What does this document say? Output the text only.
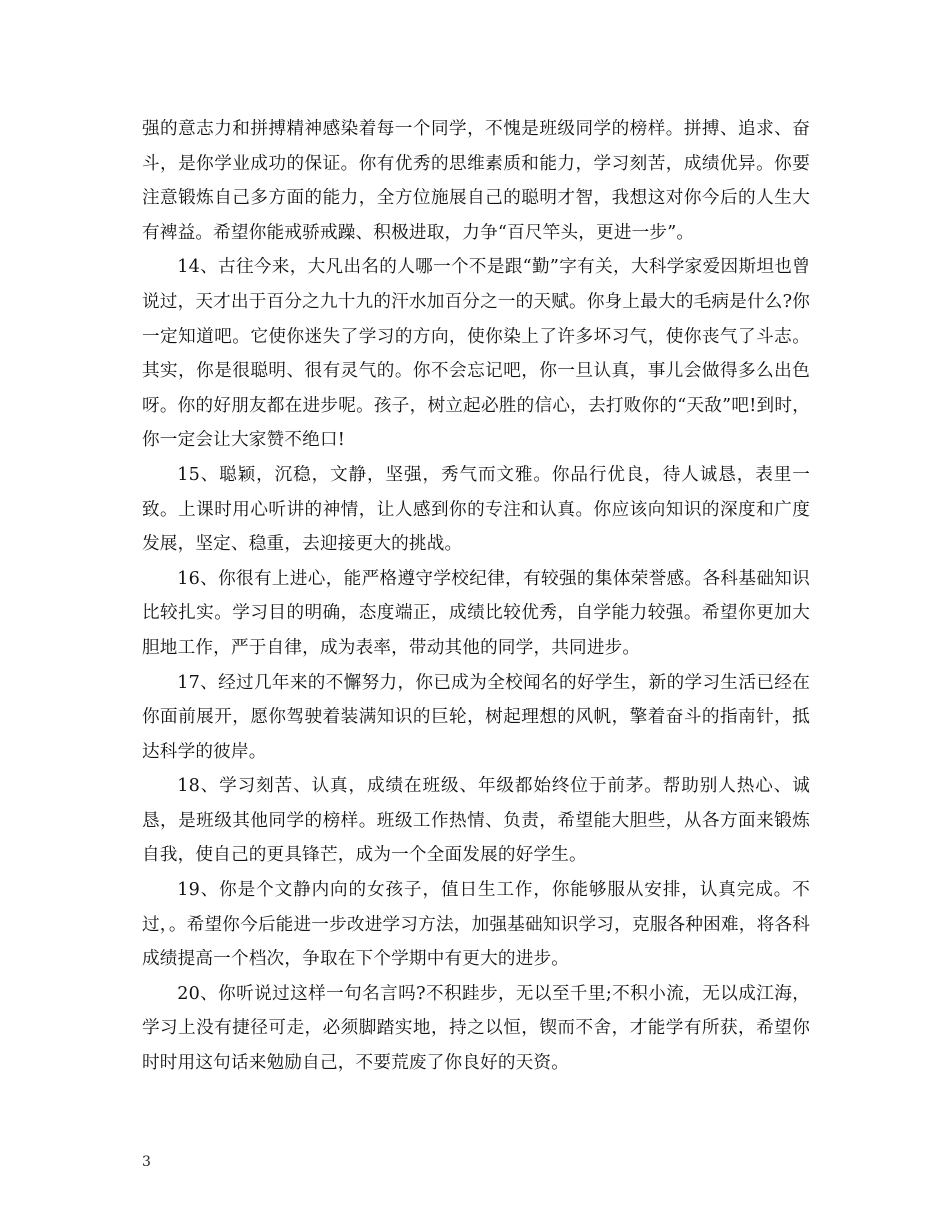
强的意志力和拼搏精神感染着每一个同学，不愧是班级同学的榜样。拼搏、追求、奋斗，是你学业成功的保证。你有优秀的思维素质和能力，学习刻苦，成绩优异。你要注意锻炼自己多方面的能力，全方位施展自己的聪明才智，我想这对你今后的人生大有裨益。希望你能戒骄戒躁、积极进取，力争“百尺竿头，更进一步”。

14、古往今来，大凡出名的人哪一个不是跟“勤”字有关，大科学家爱因斯坦也曾说过，天才出于百分之九十九的汗水加百分之一的天赋。你身上最大的毛病是什么?你一定知道吧。它使你迷失了学习的方向，使你染上了许多坏习气，使你丧气了斗志。其实，你是很聪明、很有灵气的。你不会忘记吧，你一旦认真，事儿会做得多么出色呀。你的好朋友都在进步呢。孩子，树立起必胜的信心，去打败你的“天敌”吧!到时，你一定会让大家赞不绝口!

15、聪颖，沉稳，文静，坚强，秀气而文雅。你品行优良，待人诚恳，表里一致。上课时用心听讲的神情，让人感到你的专注和认真。你应该向知识的深度和广度发展，坚定、稳重，去迎接更大的挑战。

16、你很有上进心，能严格遵守学校纪律，有较强的集体荣誉感。各科基础知识比较扎实。学习目的明确，态度端正，成绩比较优秀，自学能力较强。希望你更加大胆地工作，严于自律，成为表率，带动其他的同学，共同进步。

17、经过几年来的不懈努力，你已成为全校闻名的好学生，新的学习生活已经在你面前展开，愿你驾驶着装满知识的巨轮，树起理想的风帆，擎着奋斗的指南针，抵达科学的彼岸。

18、学习刻苦、认真，成绩在班级、年级都始终位于前茅。帮助别人热心、诚恳，是班级其他同学的榜样。班级工作热情、负责，希望能大胆些，从各方面来锻炼自我，使自己的更具锋芒，成为一个全面发展的好学生。

19、你是个文静内向的女孩子，值日生工作，你能够服从安排，认真完成。不过，。希望你今后能进一步改进学习方法，加强基础知识学习，克服各种困难，将各科成绩提高一个档次，争取在下个学期中有更大的进步。

20、你听说过这样一句名言吗?不积跬步，无以至千里;不积小流，无以成江海，学习上没有捷径可走，必须脚踏实地，持之以恒，锲而不舍，才能学有所获，希望你时时用这句话来勉励自己，不要荒废了你良好的天资。

3
